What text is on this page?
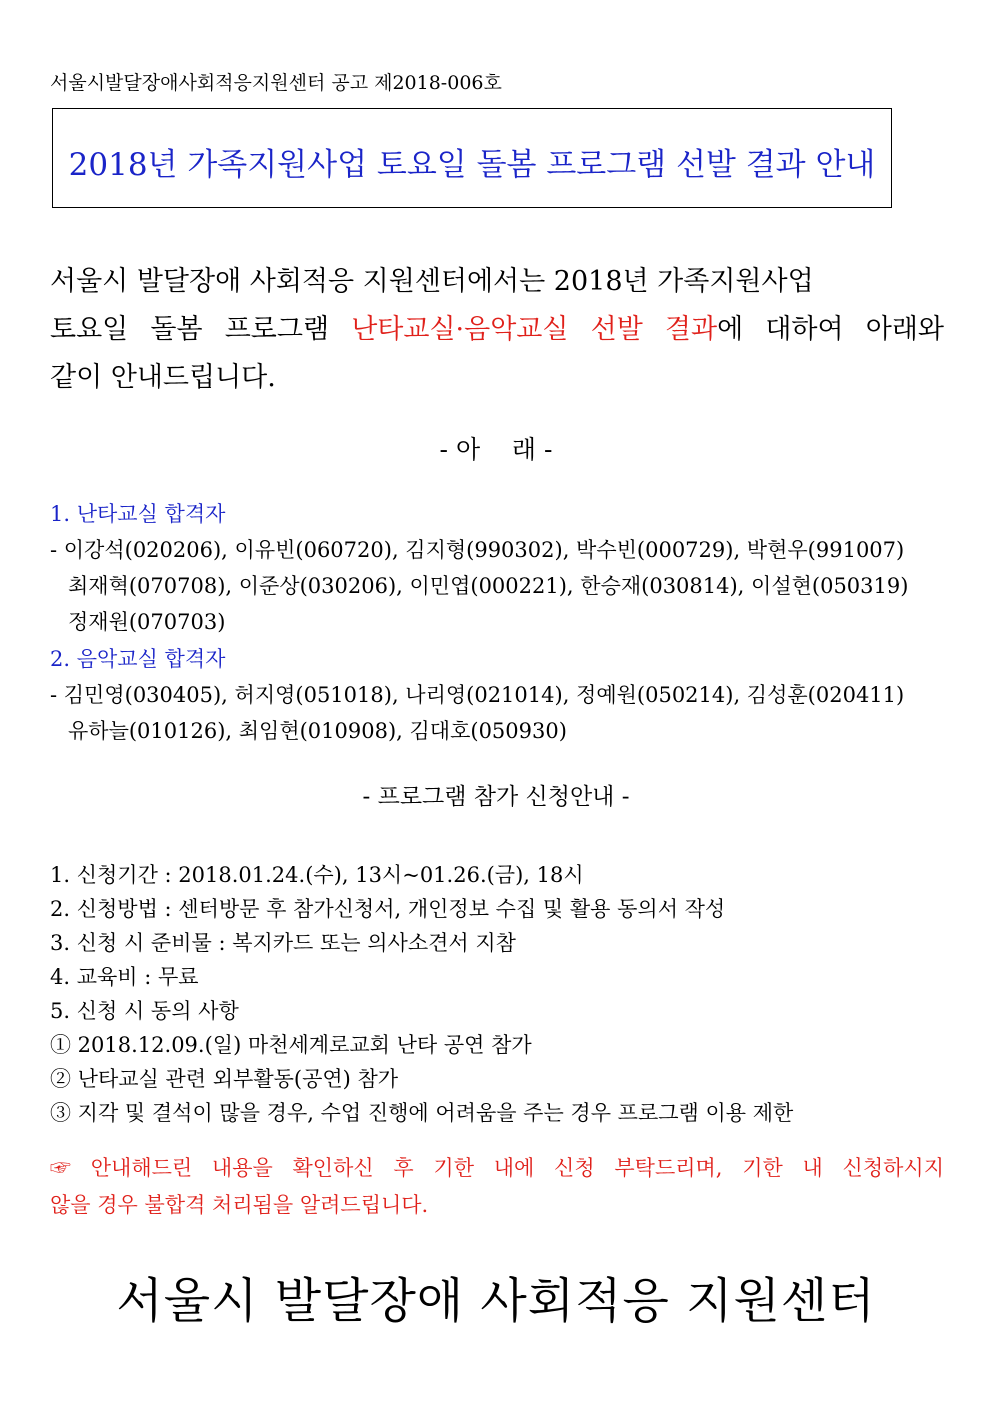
서울시발달장애사회적응지원센터 공고 제2018-006호
2018년 가족지원사업 토요일 돌봄 프로그램 선발 결과 안내
서울시 발달장애 사회적응 지원센터에서는 2018년 가족지원사업
토요일 돌봄 프로그램 난타교실·음악교실 선발 결과에 대하여 아래와
같이 안내드립니다.
- 아    래 -
1. 난타교실 합격자
- 이강석(020206), 이유빈(060720), 김지형(990302), 박수빈(000729), 박현우(991007)
최재혁(070708), 이준상(030206), 이민엽(000221), 한승재(030814), 이설현(050319)
정재원(070703)
2. 음악교실 합격자
- 김민영(030405), 허지영(051018), 나리영(021014), 정예원(050214), 김성훈(020411)
유하늘(010126), 최임현(010908), 김대호(050930)
- 프로그램 참가 신청안내 -
1. 신청기간 : 2018.01.24.(수), 13시~01.26.(금), 18시
2. 신청방법 : 센터방문 후 참가신청서, 개인정보 수집 및 활용 동의서 작성
3. 신청 시 준비물 : 복지카드 또는 의사소견서 지참
4. 교육비 : 무료
5. 신청 시 동의 사항
① 2018.12.09.(일) 마천세계로교회 난타 공연 참가
② 난타교실 관련 외부활동(공연) 참가
③ 지각 및 결석이 많을 경우, 수업 진행에 어려움을 주는 경우 프로그램 이용 제한
☞ 안내해드린 내용을 확인하신 후 기한 내에 신청 부탁드리며, 기한 내 신청하시지
않을 경우 불합격 처리됨을 알려드립니다.
서울시 발달장애 사회적응 지원센터
